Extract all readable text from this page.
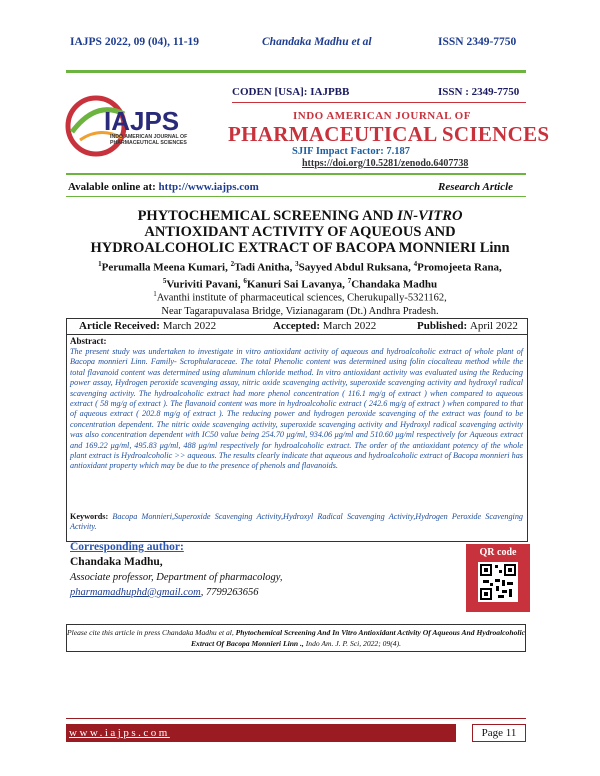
IAJPS 2022, 09 (04), 11-19	Chandaka Madhu et al	ISSN 2349-7750
IAJPS
INDO AMERICAN JOURNAL OF
PHARMACEUTICAL SCIENCES
CODEN [USA]: IAJPBB	ISSN : 2349-7750
INDO AMERICAN JOURNAL OF
PHARMACEUTICAL SCIENCES
SJIF Impact Factor: 7.187
https://doi.org/10.5281/zenodo.6407738
Avalable online at: http://www.iajps.com	Research Article
PHYTOCHEMICAL SCREENING AND IN-VITRO
ANTIOXIDANT ACTIVITY OF AQUEOUS AND
HYDROALCOHOLIC EXTRACT OF BACOPA MONNIERI Linn
$^1$Perumalla Meena Kumari, $^2$Tadi Anitha, $^3$Sayyed Abdul Ruksana, $^4$Promojeeta Rana,
$^5$Vuriviti Pavani, $^6$Kanuri Sai Lavanya, $^7$Chandaka Madhu
$^1$Avanthi institute of pharmaceutical sciences, Cherukupally-5321162,
Near Tagarapuvalasa Bridge, Vizianagaram (Dt.) Andhra Pradesh.
Article Received: March 2022	Accepted: March 2022	Published: April 2022
Abstract:
The present study was undertaken to investigate in vitro antioxidant activity of aqueous and hydroalcoholic extract of whole plant of Bacopa monnieri Linn. Family- Scrophularaceae. The total Phenolic content was determined using folin ciocalteau method while the total flavanoid content was determined using aluminum chloride method. In vitro antioxidant activity was evaluated using the Reducing power assay, Hydrogen peroxide scavenging assay, nitric oxide scavenging activity, superoxide scavenging activity and hydroxyl radical scavenging activity. The hydroalcoholic extract had more phenol concentration ( 116.1 mg/g of extract ) when compared to aqueous extract ( 58 mg/g of extract ). The flavanoid content was more in hydroalcoholic extract ( 242.6 mg/g of extract ) when compared to that of aqueous extract ( 202.8 mg/g of extract ). The reducing power and hydrogen peroxide scavenging of the extract was found to be concentration dependent. The nitric oxide scavenging activity, superoxide scavenging activity and Hydroxyl radical scavenging activity was also concentration dependent with IC50 value being 254.70 μg/ml, 934.06 μg/ml and 510.60 μg/ml respectively for Aqueous extract and 169.22 μg/ml, 495.83 μg/ml, 488 μg/ml respectively for hydroalcoholic extract. The order of the antioxidant potency of the whole plant extract is Hydroalcoholic >> aqueous. The results clearly indicate that aqueous and hydroalcoholic extract of Bacopa monnieri has antioxidant property which may be due to the presence of phenols and flavanoids.
Keywords: Bacopa Monnieri,Superoxide Scavenging Activity,Hydroxyl Radical Scavenging Activity,Hydrogen Peroxide Scavenging Activity.
Corresponding author:
Chandaka Madhu,
Associate professor, Department of pharmacology,
pharmamadhuphd@gmail.com, 7799263656
QR code
Please cite this article in press Chandaka Madhu et al, Phytochemical Screening And In Vitro Antioxidant Activity Of Aqueous And Hydroalcoholic Extract Of Bacopa Monnieri Linn ., Indo Am. J. P. Sci, 2022; 09(4).
www.iajps.com	Page 11
